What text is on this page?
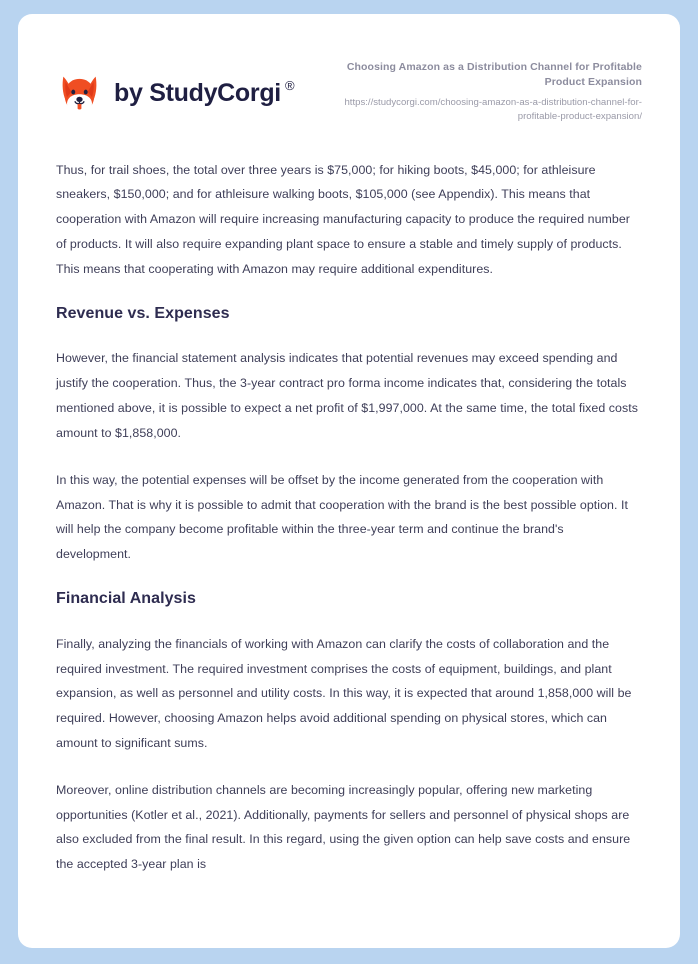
by StudyCorgi ®
Choosing Amazon as a Distribution Channel for Profitable Product Expansion
https://studycorgi.com/choosing-amazon-as-a-distribution-channel-for-profitable-product-expansion/

Thus, for trail shoes, the total over three years is $75,000; for hiking boots, $45,000; for athleisure sneakers, $150,000; and for athleisure walking boots, $105,000 (see Appendix). This means that cooperation with Amazon will require increasing manufacturing capacity to produce the required number of products. It will also require expanding plant space to ensure a stable and timely supply of products. This means that cooperating with Amazon may require additional expenditures.

Revenue vs. Expenses

However, the financial statement analysis indicates that potential revenues may exceed spending and justify the cooperation. Thus, the 3-year contract pro forma income indicates that, considering the totals mentioned above, it is possible to expect a net profit of $1,997,000. At the same time, the total fixed costs amount to $1,858,000.

In this way, the potential expenses will be offset by the income generated from the cooperation with Amazon. That is why it is possible to admit that cooperation with the brand is the best possible option. It will help the company become profitable within the three-year term and continue the brand's development.

Financial Analysis

Finally, analyzing the financials of working with Amazon can clarify the costs of collaboration and the required investment. The required investment comprises the costs of equipment, buildings, and plant expansion, as well as personnel and utility costs. In this way, it is expected that around 1,858,000 will be required. However, choosing Amazon helps avoid additional spending on physical stores, which can amount to significant sums.

Moreover, online distribution channels are becoming increasingly popular, offering new marketing opportunities (Kotler et al., 2021). Additionally, payments for sellers and personnel of physical shops are also excluded from the final result. In this regard, using the given option can help save costs and ensure the accepted 3-year plan is
